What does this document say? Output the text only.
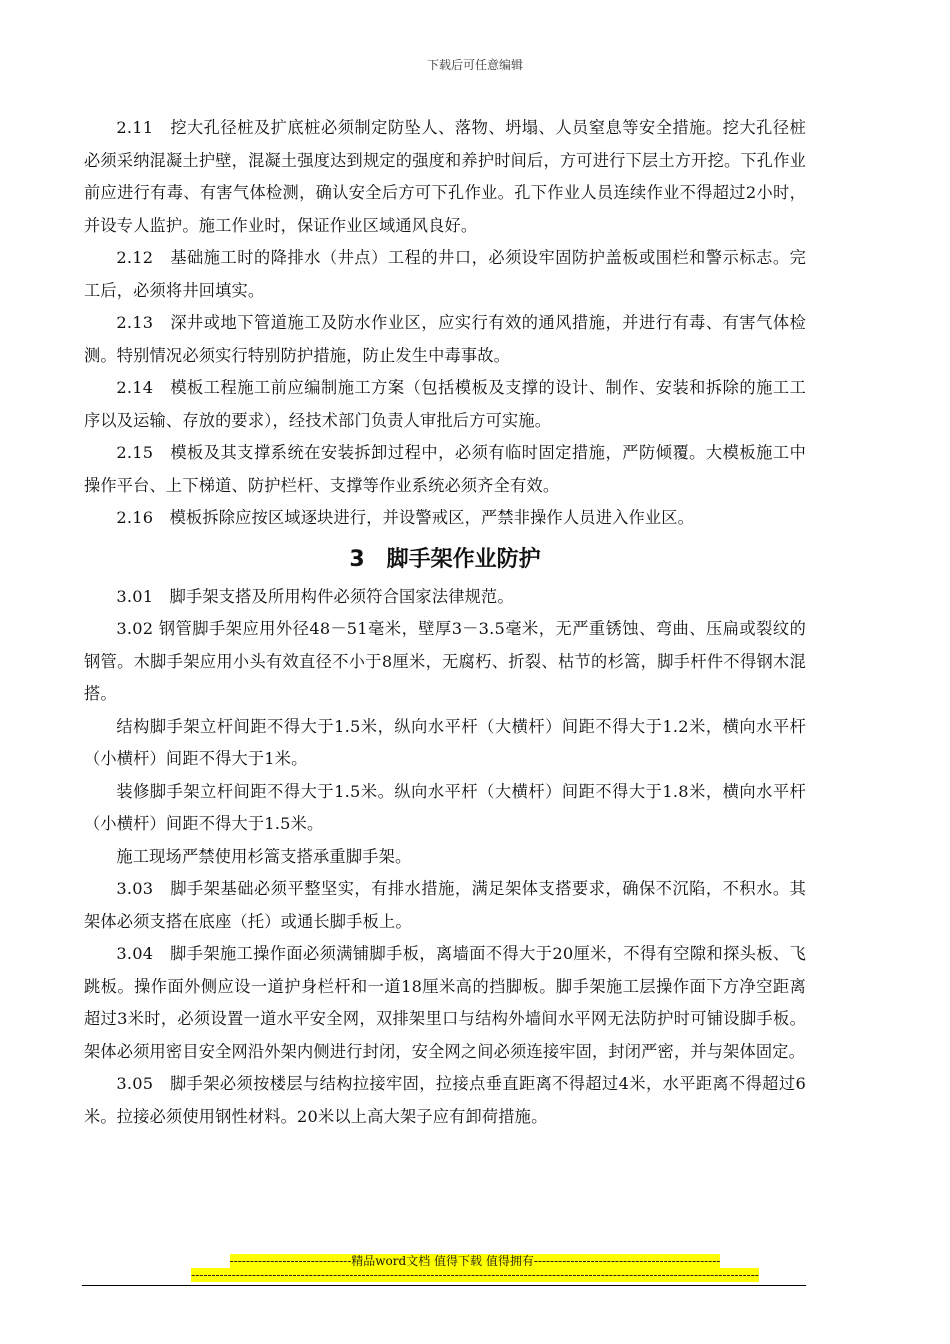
下载后可任意编辑

2.11　挖大孔径桩及扩底桩必须制定防坠人、落物、坍塌、人员窒息等安全措施。挖大孔径桩必须采纳混凝土护壁，混凝土强度达到规定的强度和养护时间后，方可进行下层土方开挖。下孔作业前应进行有毒、有害气体检测，确认安全后方可下孔作业。孔下作业人员连续作业不得超过2小时，并设专人监护。施工作业时，保证作业区域通风良好。

2.12　基础施工时的降排水（井点）工程的井口，必须设牢固防护盖板或围栏和警示标志。完工后，必须将井回填实。

2.13　深井或地下管道施工及防水作业区，应实行有效的通风措施，并进行有毒、有害气体检测。特别情况必须实行特别防护措施，防止发生中毒事故。

2.14　模板工程施工前应编制施工方案（包括模板及支撑的设计、制作、安装和拆除的施工工序以及运输、存放的要求），经技术部门负责人审批后方可实施。

2.15　模板及其支撑系统在安装拆卸过程中，必须有临时固定措施，严防倾覆。大模板施工中操作平台、上下梯道、防护栏杆、支撑等作业系统必须齐全有效。

2.16　模板拆除应按区域逐块进行，并设警戒区，严禁非操作人员进入作业区。

3　脚手架作业防护

3.01　脚手架支搭及所用构件必须符合国家法律规范。

3.02 钢管脚手架应用外径48－51毫米，壁厚3－3.5毫米，无严重锈蚀、弯曲、压扁或裂纹的钢管。木脚手架应用小头有效直径不小于8厘米，无腐朽、折裂、枯节的杉篙，脚手杆件不得钢木混搭。

结构脚手架立杆间距不得大于1.5米，纵向水平杆（大横杆）间距不得大于1.2米，横向水平杆（小横杆）间距不得大于1米。

装修脚手架立杆间距不得大于1.5米。纵向水平杆（大横杆）间距不得大于1.8米，横向水平杆（小横杆）间距不得大于1.5米。

施工现场严禁使用杉篙支搭承重脚手架。

3.03　脚手架基础必须平整坚实，有排水措施，满足架体支搭要求，确保不沉陷，不积水。其架体必须支搭在底座（托）或通长脚手板上。

3.04　脚手架施工操作面必须满铺脚手板，离墙面不得大于20厘米，不得有空隙和探头板、飞跳板。操作面外侧应设一道护身栏杆和一道18厘米高的挡脚板。脚手架施工层操作面下方净空距离超过3米时，必须设置一道水平安全网，双排架里口与结构外墙间水平网无法防护时可铺设脚手板。架体必须用密目安全网沿外架内侧进行封闭，安全网之间必须连接牢固，封闭严密，并与架体固定。

3.05　脚手架必须按楼层与结构拉接牢固，拉接点垂直距离不得超过4米，水平距离不得超过6米。拉接必须使用钢性材料。20米以上高大架子应有卸荷措施。

------------------------------精品word文档 值得下载 值得拥有----------------------------------------------
--------------------------------------------------------------------------------------------------------------------------------------------
